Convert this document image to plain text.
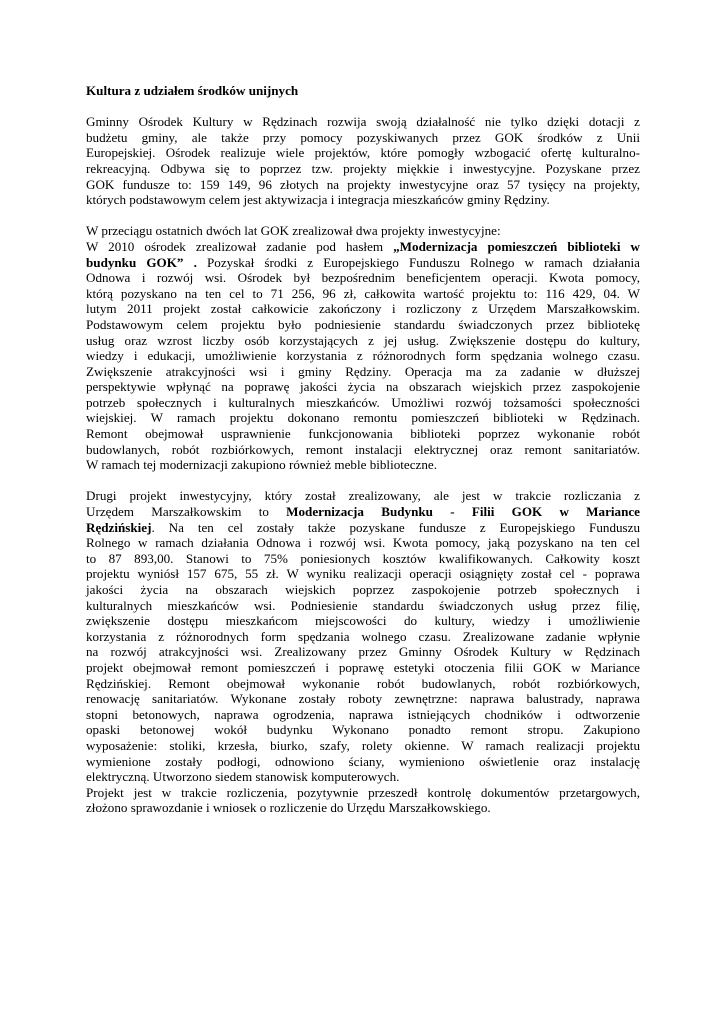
Kultura z udziałem środków unijnych
Gminny Ośrodek Kultury w Rędzinach rozwija swoją działalność nie tylko dzięki dotacji z
budżetu gminy, ale także przy pomocy pozyskiwanych przez GOK środków z Unii
Europejskiej. Ośrodek realizuje wiele projektów, które pomogły wzbogacić ofertę kulturalno-
rekreacyjną. Odbywa się to poprzez tzw. projekty miękkie i inwestycyjne. Pozyskane przez
GOK fundusze to: 159 149, 96 złotych na projekty inwestycyjne oraz 57 tysięcy na projekty,
których podstawowym celem jest aktywizacja i integracja mieszkańców gminy Rędziny.
W przeciągu ostatnich dwóch lat GOK zrealizował dwa projekty inwestycyjne:
W 2010 ośrodek zrealizował zadanie pod hasłem „Modernizacja pomieszczeń biblioteki w
budynku GOK” . Pozyskał środki z Europejskiego Funduszu Rolnego w ramach działania
Odnowa i rozwój wsi. Ośrodek był bezpośrednim beneficjentem operacji. Kwota pomocy,
którą pozyskano na ten cel to 71 256, 96 zł, całkowita wartość projektu to: 116 429, 04. W
lutym 2011 projekt został całkowicie zakończony i rozliczony z Urzędem Marszałkowskim.
Podstawowym celem projektu było podniesienie standardu świadczonych przez bibliotekę
usług oraz wzrost liczby osób korzystających z jej usług. Zwiększenie dostępu do kultury,
wiedzy i edukacji, umożliwienie korzystania z różnorodnych form spędzania wolnego czasu.
Zwiększenie atrakcyjności wsi i gminy Rędziny. Operacja ma za zadanie w dłuższej
perspektywie wpłynąć na poprawę jakości życia na obszarach wiejskich przez zaspokojenie
potrzeb społecznych i kulturalnych mieszkańców. Umożliwi rozwój tożsamości społeczności
wiejskiej. W ramach projektu dokonano remontu pomieszczeń biblioteki w Rędzinach.
Remont obejmował usprawnienie funkcjonowania biblioteki poprzez wykonanie robót
budowlanych, robót rozbiórkowych, remont instalacji elektrycznej oraz remont sanitariatów.
W ramach tej modernizacji zakupiono również meble biblioteczne.
Drugi projekt inwestycyjny, który został zrealizowany, ale jest w trakcie rozliczania z
Urzędem Marszałkowskim to Modernizacja Budynku - Filii GOK w Mariance
Rędzińskiej. Na ten cel zostały także pozyskane fundusze z Europejskiego Funduszu
Rolnego w ramach działania Odnowa i rozwój wsi. Kwota pomocy, jaką pozyskano na ten cel
to 87 893,00. Stanowi to 75% poniesionych kosztów kwalifikowanych. Całkowity koszt
projektu wyniósł 157 675, 55 zł. W wyniku realizacji operacji osiągnięty został cel - poprawa
jakości życia na obszarach wiejskich poprzez zaspokojenie potrzeb społecznych i
kulturalnych mieszkańców wsi. Podniesienie standardu świadczonych usług przez filię,
zwiększenie dostępu mieszkańcom miejscowości do kultury, wiedzy i umożliwienie
korzystania z różnorodnych form spędzania wolnego czasu. Zrealizowane zadanie wpłynie
na rozwój atrakcyjności wsi. Zrealizowany przez Gminny Ośrodek Kultury w Rędzinach
projekt obejmował remont pomieszczeń i poprawę estetyki otoczenia filii GOK w Mariance
Rędzińskiej. Remont obejmował wykonanie robót budowlanych, robót rozbiórkowych,
renowację sanitariatów. Wykonane zostały roboty zewnętrzne: naprawa balustrady, naprawa
stopni betonowych, naprawa ogrodzenia, naprawa istniejących chodników i odtworzenie
opaski betonowej wokół budynku Wykonano ponadto remont stropu. Zakupiono
wyposażenie: stoliki, krzesła, biurko, szafy, rolety okienne. W ramach realizacji projektu
wymienione zostały podłogi, odnowiono ściany, wymieniono oświetlenie oraz instalację
elektryczną. Utworzono siedem stanowisk komputerowych.
Projekt jest w trakcie rozliczenia, pozytywnie przeszedł kontrolę dokumentów przetargowych,
złożono sprawozdanie i wniosek o rozliczenie do Urzędu Marszałkowskiego.
